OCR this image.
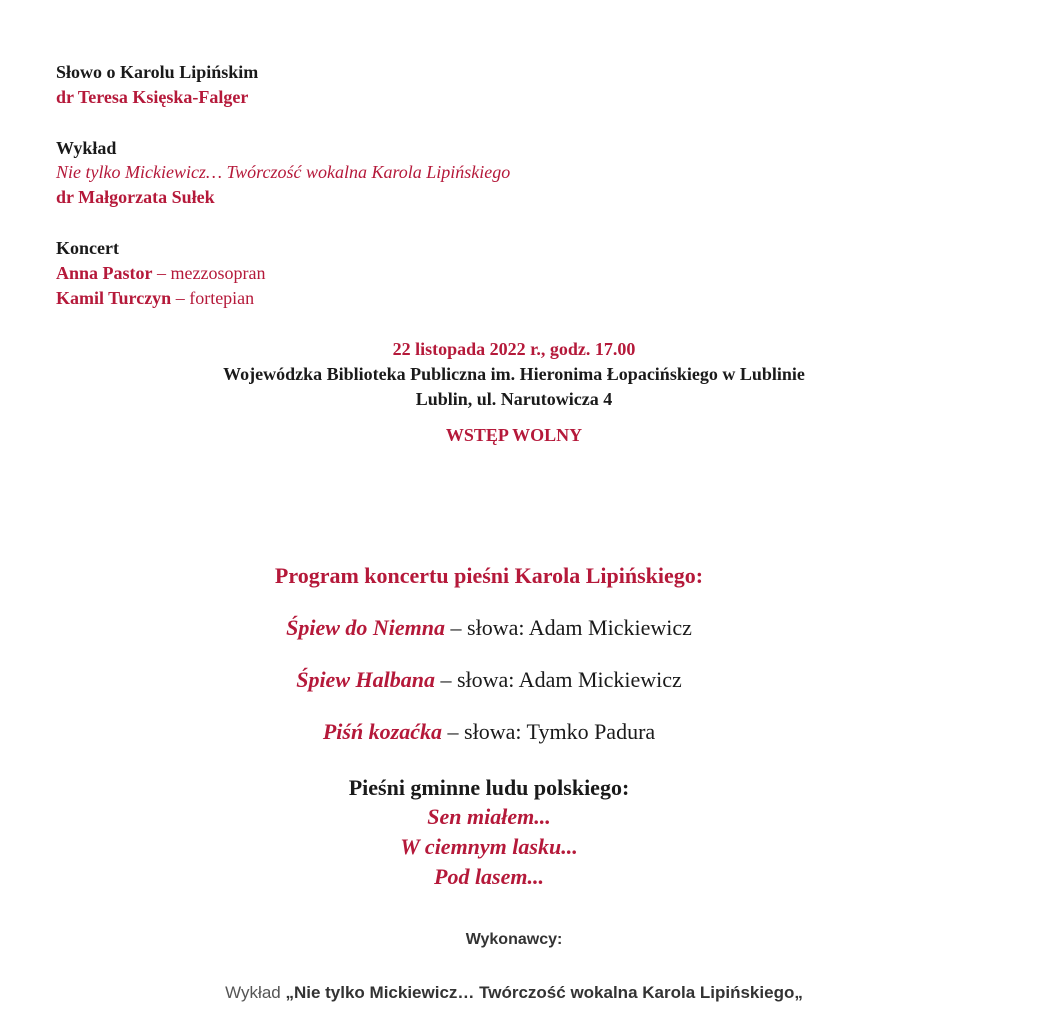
Słowo o Karolu Lipińskim
dr Teresa Księska-Falger
Wykład
Nie tylko Mickiewicz… Twórczość wokalna Karola Lipińskiego
dr Małgorzata Sułek
Koncert
Anna Pastor – mezzosopran
Kamil Turczyn – fortepian
22 listopada 2022 r., godz. 17.00
Wojewódzka Biblioteka Publiczna im. Hieronima Łopacińskiego w Lublinie
Lublin, ul. Narutowicza 4
WSTĘP WOLNY
Program koncertu pieśni Karola Lipińskiego:
Śpiew do Niemna – słowa: Adam Mickiewicz
Śpiew Halbana – słowa: Adam Mickiewicz
Piśń kozaćka – słowa: Tymko Padura
Pieśni gminne ludu polskiego:
Sen miałem...
W ciemnym lasku...
Pod lasem...
Wykonawcy:
Wykład „Nie tylko Mickiewicz… Twórczość wokalna Karola Lipińskiego„
